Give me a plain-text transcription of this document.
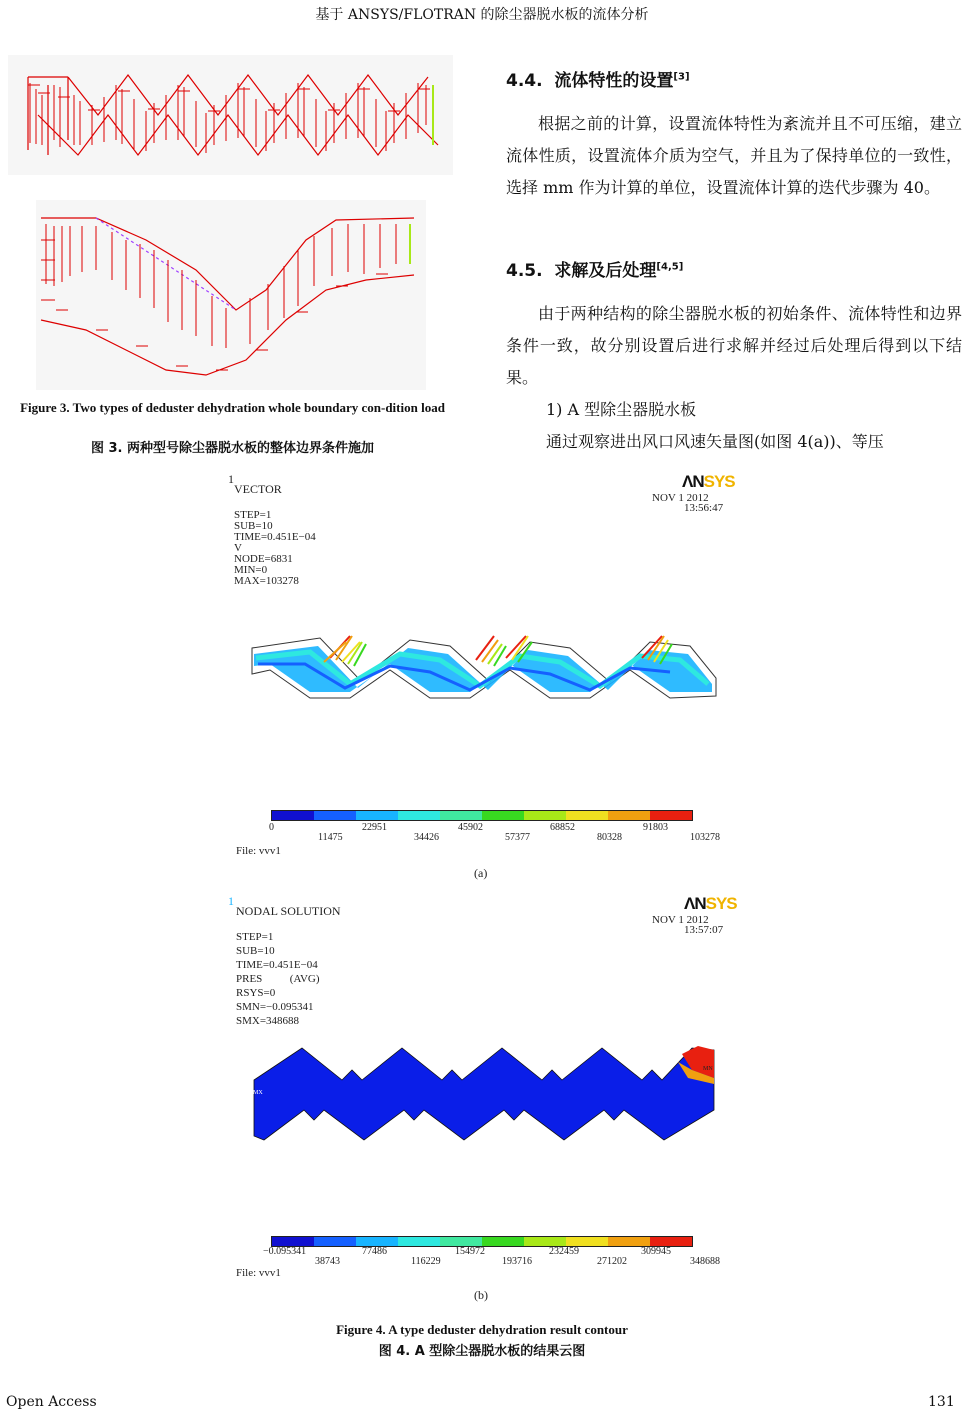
基于 ANSYS/FLOTRAN 的除尘器脱水板的流体分析
Figure 3. Two types of deduster dehydration whole boundary con-dition load
图 3. 两种型号除尘器脱水板的整体边界条件施加
4.4. 流体特性的设置[3]
根据之前的计算，设置流体特性为紊流并且不可压缩，建立流体性质，设置流体介质为空气，并且为了保持单位的一致性，选择 mm 作为计算的单位，设置流体计算的迭代步骤为 40。
4.5. 求解及后处理[4,5]
由于两种结构的除尘器脱水板的初始条件、流体特性和边界条件一致，故分别设置后进行求解并经过后处理后得到以下结果。
1) A 型除尘器脱水板
通过观察进出风口风速矢量图(如图 4(a))、等压
1
VECTOR
STEP=1
SUB=10
TIME=0.451E−04
V
NODE=6831
MIN=0
MAX=103278
ΛNSYS
NOV 1 2012
13:56:47
0	22951	45902	68852	91803
11475	34426	57377	80328	103278
File: vvv1
(a)
1
NODAL SOLUTION
STEP=1
SUB=10
TIME=0.451E−04
PRES          (AVG)
RSYS=0
SMN=−0.095341
SMX=348688
ΛNSYS
NOV 1 2012
13:57:07
MX
MN
−0.095341	77486	154972	232459	309945
38743	116229	193716	271202	348688
File: vvv1
(b)
Figure 4. A type deduster dehydration result contour
图 4. A 型除尘器脱水板的结果云图
Open Access	131
